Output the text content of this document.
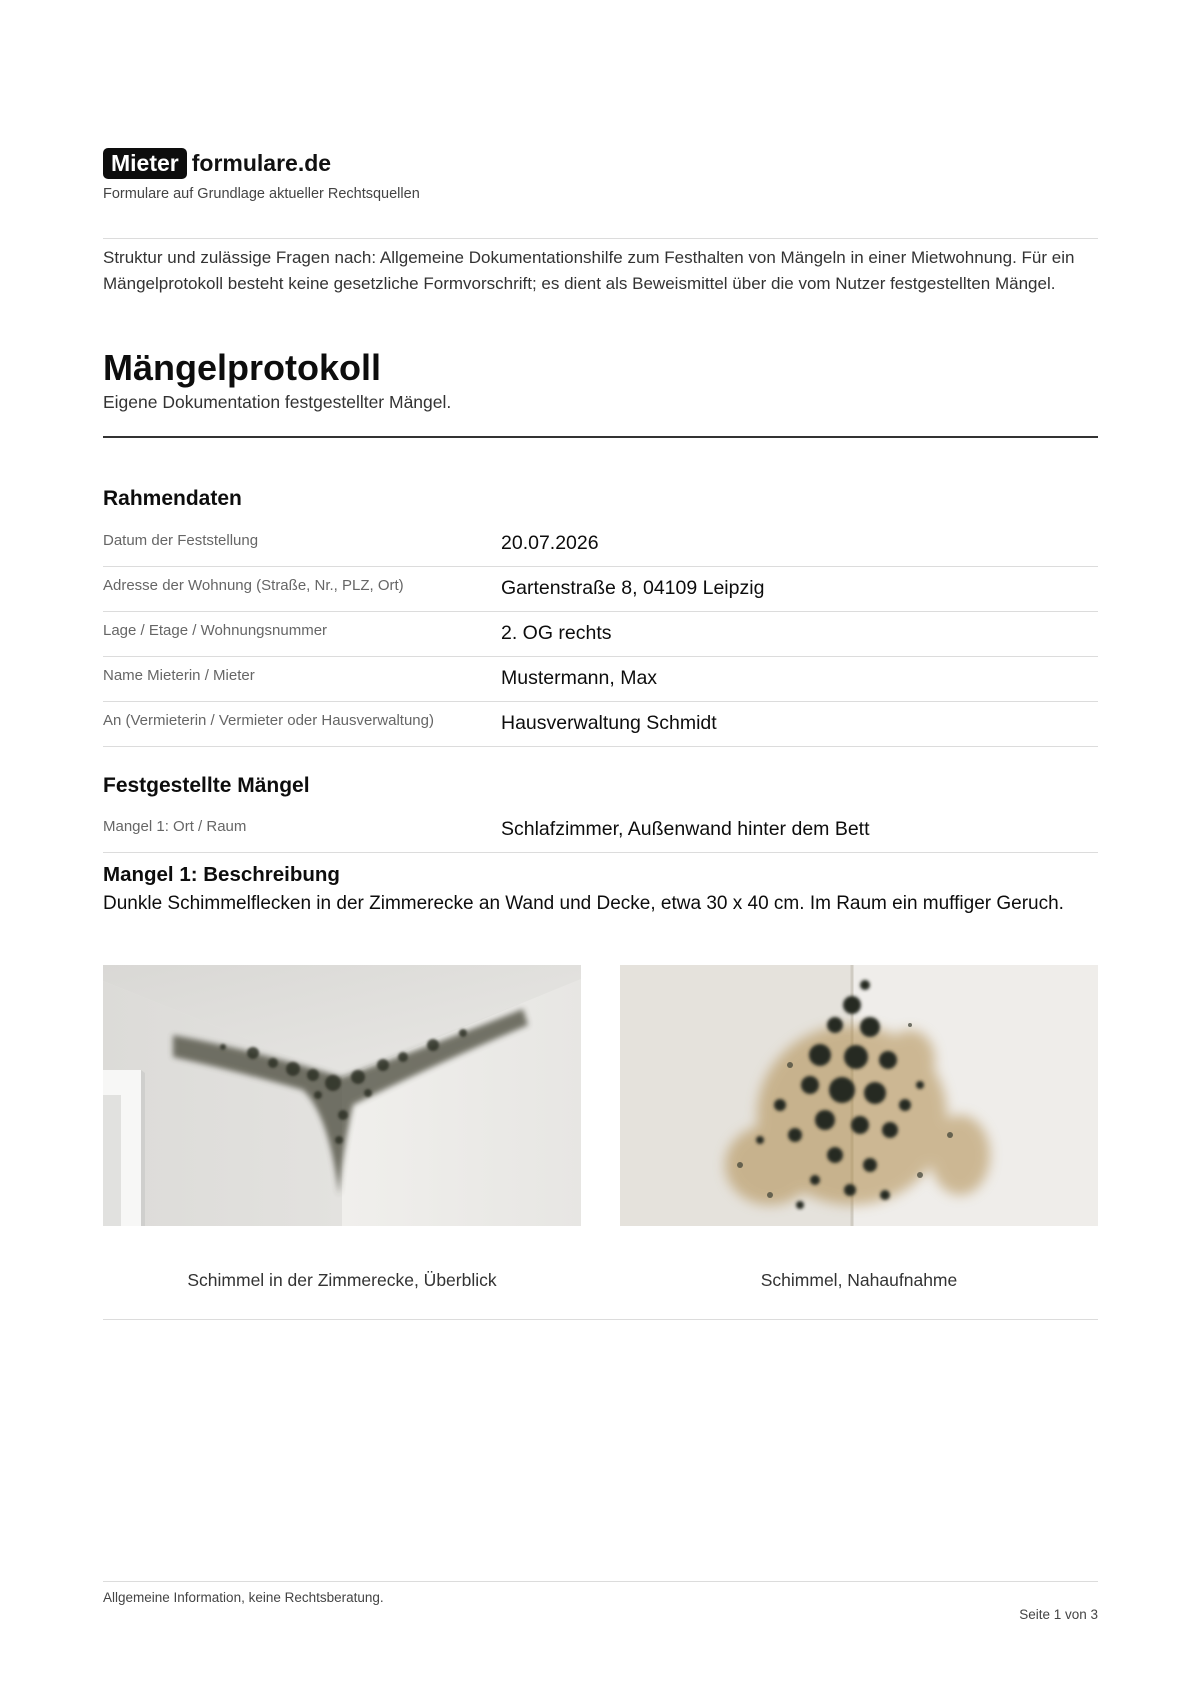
Mieter formulare.de
Formulare auf Grundlage aktueller Rechtsquellen
Struktur und zulässige Fragen nach: Allgemeine Dokumentationshilfe zum Festhalten von Mängeln in einer Mietwohnung. Für ein Mängelprotokoll besteht keine gesetzliche Formvorschrift; es dient als Beweismittel über die vom Nutzer festgestellten Mängel.
Mängelprotokoll
Eigene Dokumentation festgestellter Mängel.
Rahmendaten
Datum der Feststellung	20.07.2026
Adresse der Wohnung (Straße, Nr., PLZ, Ort)	Gartenstraße 8, 04109 Leipzig
Lage / Etage / Wohnungsnummer	2. OG rechts
Name Mieterin / Mieter	Mustermann, Max
An (Vermieterin / Vermieter oder Hausverwaltung)	Hausverwaltung Schmidt
Festgestellte Mängel
Mangel 1: Ort / Raum	Schlafzimmer, Außenwand hinter dem Bett
Mangel 1: Beschreibung
Dunkle Schimmelflecken in der Zimmerecke an Wand und Decke, etwa 30 x 40 cm. Im Raum ein muffiger Geruch.
Schimmel in der Zimmerecke, Überblick	Schimmel, Nahaufnahme
Allgemeine Information, keine Rechtsberatung.
Seite 1 von 3
